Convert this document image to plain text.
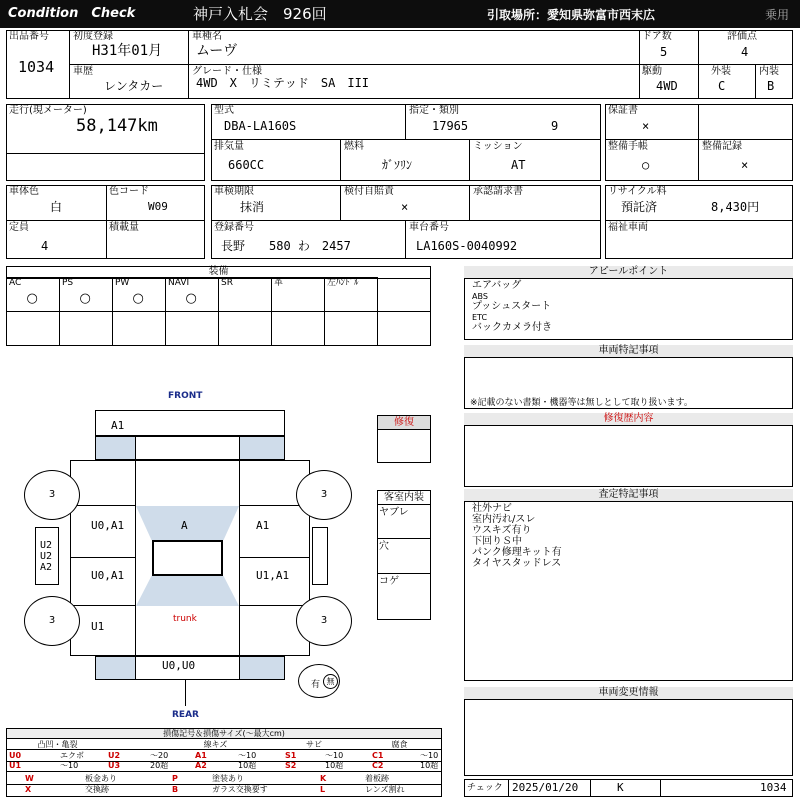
Condition　Check	神戸入札会　926回	引取場所：愛知県弥富市西末広	乗用
出品番号
1034
初度登録
H31年01月
車種名
ムーヴ
ドア数
5
評価点
4
車歴
レンタカー
グレード・仕様
4WD　X　リミテッド　SA　III
駆動
4WD
外装
C
内装
B
走行(現メーター)
58,147km
型式
DBA-LA160S
指定・類別
17965	9
排気量
660CC
燃料
ｶﾞｿﾘﾝ
ミッション
AT
保証書
×
整備手帳
○
整備記録
×
車体色
白
色コード
W09
定員
4
積載量
車検期限
抹消
検付自賠責
×
承認請求書
登録番号
長野　　580 わ　2457
車台番号
LA160S-0040992
リサイクル料
預託済	8,430円
福祉車両
装備
AC
○
PS
○
PW
○
NAVI
○
SR	革	左ﾊﾝﾄﾞﾙ
FRONT
REAR
A1
A
U0,A1	A1
U0,A1	U1,A1
U1
U0,U0
trunk
3	3
3	3
U2
U2
A2
有 無
修復
客室内装
ヤブレ
穴
コゲ
アピールポイント
エアバッグ
ABS
プッシュスタート
ETC
バックカメラ付き
車両特記事項
※記載のない書類・機器等は無しとして取り扱います。
修復歴内容
査定特記事項
社外ナビ
室内汚れ/スレ
ウスキズ有り
下回りＳ中
パンク修理キット有
タイヤスタッドレス
車両変更情報
チェック 2025/01/20	K	1034
損傷記号＆損傷サイズ(〜最大cm)
凸凹・亀裂	線キズ	サビ	腐食
U0	エクボ	U2	〜20	A1	〜10	S1	〜10	C1	〜10
U1	〜10	U3	20超	A2	10超	S2	10超	C2	10超
W	板金あり	P	塗装あり	K	着板跡
X	交換跡	B	ガラス交換要す	L	レンズ割れ
